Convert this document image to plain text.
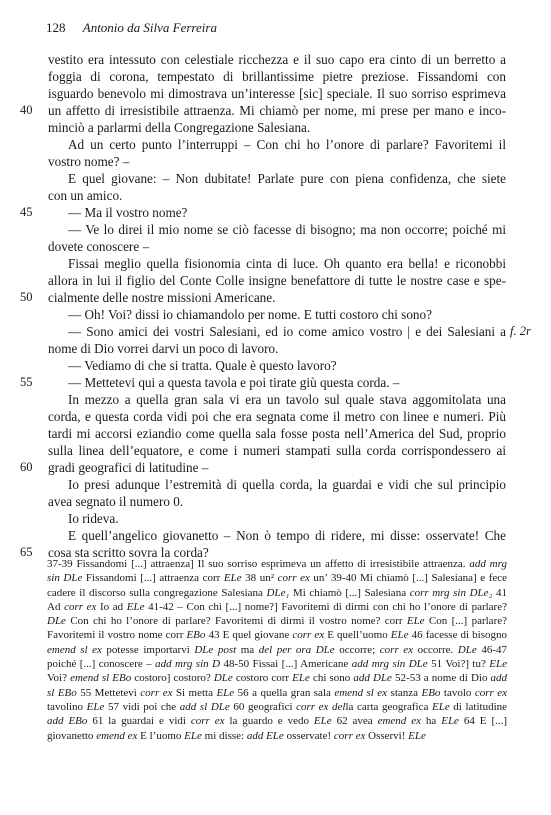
128 Antonio da Silva Ferreira
vestito era intessuto con celestiale ricchezza e il suo capo era cinto di un berretto a
foggia di corona, tempestato di brillantissime pietre preziose. Fissandomi con
isguardo benevolo mi dimostrava un’interesse [sic] speciale. Il suo sorriso esprimeva
un affetto di irresistibile attraenza. Mi chiamò per nome, mi prese per mano e inco-
40
minciò a parlarmi della Congregazione Salesiana.
Ad un certo punto l’interruppi – Con chi ho l’onore di parlare? Favoritemi il
vostro nome? –
E quel giovane: – Non dubitate! Parlate pure con piena confidenza, che siete
con un amico.
— Ma il vostro nome?
45
— Ve lo direi il mio nome se ciò facesse di bisogno; ma non occorre; poiché mi
dovete conoscere –
Fissai meglio quella fisionomia cinta di luce. Oh quanto era bella! e riconobbi
allora in lui il figlio del Conte Colle insigne benefattore di tutte le nostre case e spe-
cialmente delle nostre missioni Americane.
50
— Oh! Voi? dissi io chiamandolo per nome. E tutti costoro chi sono?
— Sono amici dei vostri Salesiani, ed io come amico vostro | e dei Salesiani a f. 2r
nome di Dio vorrei darvi un poco di lavoro.
— Vediamo di che si tratta. Quale è questo lavoro?
— Mettetevi qui a questa tavola e poi tirate giù questa corda. –
55
In mezzo a quella gran sala vi era un tavolo sul quale stava aggomitolata una
corda, e questa corda vidi poi che era segnata come il metro con linee e numeri. Più
tardi mi accorsi eziandio come quella sala fosse posta nell’America del Sud, proprio
sulla linea dell’equatore, e come i numeri stampati sulla corda corrispondessero ai
gradi geografici di latitudine –
60
Io presi adunque l’estremità di quella corda, la guardai e vidi che sul principio
avea segnato il numero 0.
Io rideva.
E quell’angelico giovanetto – Non ò tempo di ridere, mi disse: osservate! Che
cosa sta scritto sovra la corda?
65
37-39 Fissandomi [...] attraenza] Il suo sorriso esprimeva un affetto di irresistibile attraenza. add mrg sin DLe Fissandomi [...] attraenza corr ELe 38 un² corr ex un’ 39-40 Mi chiamò [...] Salesiana] e fece cadere il discorso sulla congregazione Salesiana DLe₁ Mi chiamò [...] Salesiana corr mrg sin DLe₂ 41 Ad corr ex Io ad ELe 41-42 – Con chi [...] nome?] Favoritemi di dirmi con chi ho l’onore di parlare? DLe Con chi ho l’onore di parlare? Favoritemi di dirmi il vostro nome? corr ELe Con [...] parlare? Favoritemi il vostro nome corr EBo 43 E quel giovane corr ex E quell’uomo ELe 46 facesse di bisogno emend sl ex potesse importarvi DLe post ma del per ora DLe occorre; corr ex occorre. DLe 46-47 poiché [...] conoscere – add mrg sin D 48-50 Fissai [...] Americane add mrg sin DLe 51 Voi?] tu? ELe Voi? emend sl EBo costoro] costoro? DLe costoro corr ELe chi sono add DLe 52-53 a nome di Dio add sl EBo 55 Mettetevi corr ex Si metta ELe 56 a quella gran sala emend sl ex stanza EBo tavolo corr ex tavolino ELe 57 vidi poi che add sl DLe 60 geografici corr ex della carta geografica ELe di latitudine add EBo 61 la guardai e vidi corr ex la guardo e vedo ELe 62 avea emend ex ha ELe 64 E [...] giovanetto emend ex E l’uomo ELe mi disse: add ELe osservate! corr ex Osservi! ELe
